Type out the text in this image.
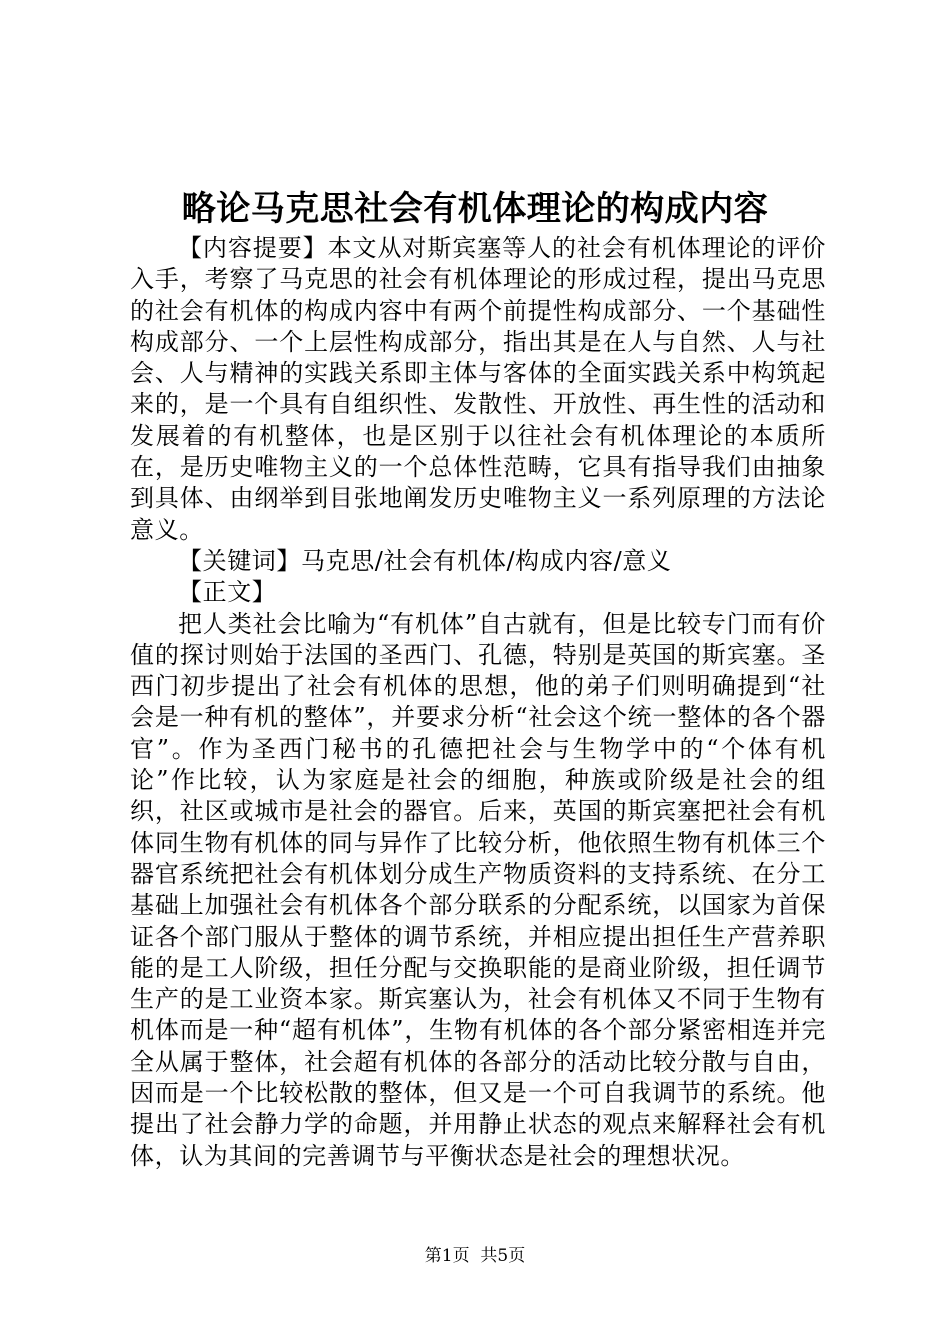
略论马克思社会有机体理论的构成内容

【内容提要】本文从对斯宾塞等人的社会有机体理论的评价入手，考察了马克思的社会有机体理论的形成过程，提出马克思的社会有机体的构成内容中有两个前提性构成部分、一个基础性构成部分、一个上层性构成部分，指出其是在人与自然、人与社会、人与精神的实践关系即主体与客体的全面实践关系中构筑起来的，是一个具有自组织性、发散性、开放性、再生性的活动和发展着的有机整体，也是区别于以往社会有机体理论的本质所在，是历史唯物主义的一个总体性范畴，它具有指导我们由抽象到具体、由纲举到目张地阐发历史唯物主义一系列原理的方法论意义。

【关键词】马克思/社会有机体/构成内容/意义

【正文】

把人类社会比喻为“有机体”自古就有，但是比较专门而有价值的探讨则始于法国的圣西门、孔德，特别是英国的斯宾塞。圣西门初步提出了社会有机体的思想，他的弟子们则明确提到“社会是一种有机的整体”，并要求分析“社会这个统一整体的各个器官”。作为圣西门秘书的孔德把社会与生物学中的“个体有机论”作比较，认为家庭是社会的细胞，种族或阶级是社会的组织，社区或城市是社会的器官。后来，英国的斯宾塞把社会有机体同生物有机体的同与异作了比较分析，他依照生物有机体三个器官系统把社会有机体划分成生产物质资料的支持系统、在分工基础上加强社会有机体各个部分联系的分配系统，以国家为首保证各个部门服从于整体的调节系统，并相应提出担任生产营养职能的是工人阶级，担任分配与交换职能的是商业阶级，担任调节生产的是工业资本家。斯宾塞认为，社会有机体又不同于生物有机体而是一种“超有机体”，生物有机体的各个部分紧密相连并完全从属于整体，社会超有机体的各部分的活动比较分散与自由，因而是一个比较松散的整体，但又是一个可自我调节的系统。他提出了社会静力学的命题，并用静止状态的观点来解释社会有机体，认为其间的完善调节与平衡状态是社会的理想状况。

第1页  共5页
